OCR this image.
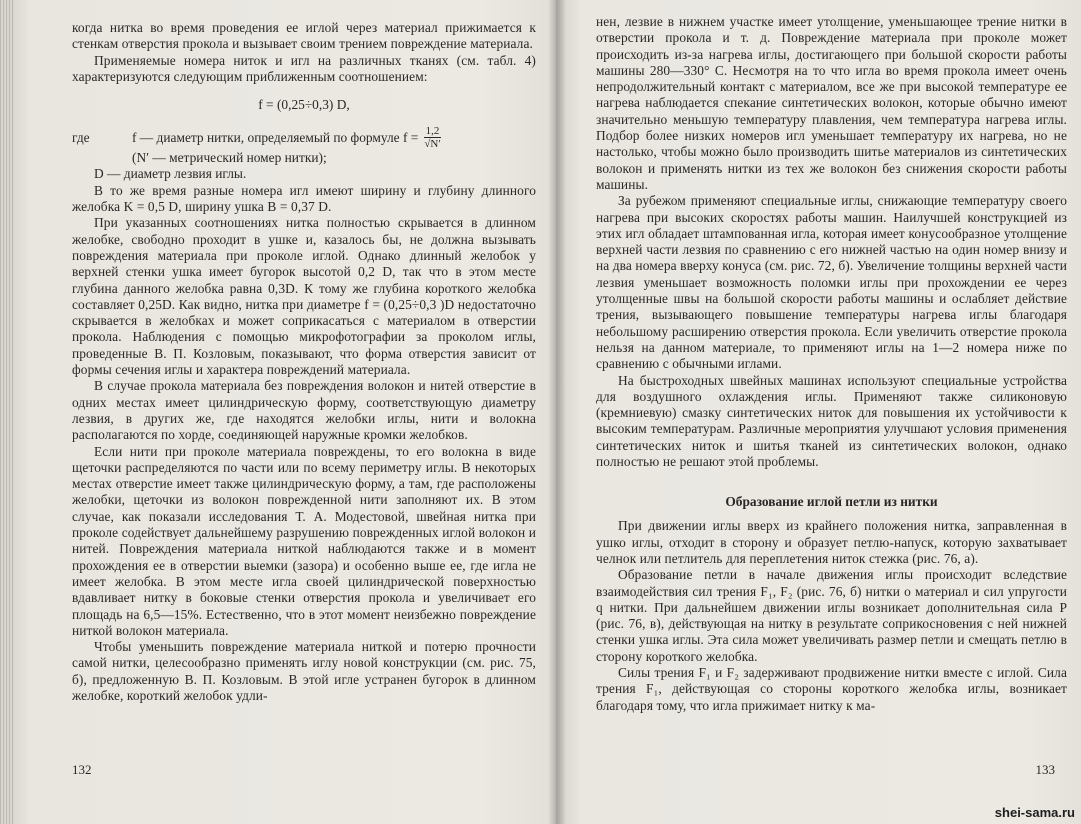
когда нитка во время проведения ее иглой через материал прижимается к стенкам отверстия прокола и вызывает своим трением повреждение материала.

Применяемые номера ниток и игл на различных тканях (см. табл. 4) характеризуются следующим приближенным соотношением:

f = (0,25÷0,3) D,

где	f — диаметр нитки, определяемый по формуле $f = \frac{1,2}{√N'}$
(N′ — метрический номер нитки);
D — диаметр лезвия иглы.

В то же время разные номера игл имеют ширину и глубину длинного желобка K = 0,5 D, ширину ушка B = 0,37 D.

При указанных соотношениях нитка полностью скрывается в длинном желобке, свободно проходит в ушке и, казалось бы, не должна вызывать повреждения материала при проколе иглой. Однако длинный желобок у верхней стенки ушка имеет бугорок высотой 0,2 D, так что в этом месте глубина данного желобка равна 0,3D. К тому же глубина короткого желобка составляет 0,25D. Как видно, нитка при диаметре f = (0,25÷0,3 )D недостаточно скрывается в желобках и может соприкасаться с материалом в отверстии прокола. Наблюдения с помощью микрофотографии за проколом иглы, проведенные В. П. Козловым, показывают, что форма отверстия зависит от формы сечения иглы и характера повреждений материала.

В случае прокола материала без повреждения волокон и нитей отверстие в одних местах имеет цилиндрическую форму, соответствующую диаметру лезвия, в других же, где находятся желобки иглы, нити и волокна располагаются по хорде, соединяющей наружные кромки желобков.

Если нити при проколе материала повреждены, то его волокна в виде щеточки распределяются по части или по всему периметру иглы. В некоторых местах отверстие имеет также цилиндрическую форму, а там, где расположены желобки, щеточки из волокон поврежденной нити заполняют их. В этом случае, как показали исследования Т. А. Модестовой, швейная нитка при проколе содействует дальнейшему разрушению поврежденных иглой волокон и нитей. Повреждения материала ниткой наблюдаются также и в момент прохождения ее в отверстии выемки (зазора) и особенно выше ее, где игла не имеет желобка. В этом месте игла своей цилиндрической поверхностью вдавливает нитку в боковые стенки отверстия прокола и увеличивает его площадь на 6,5—15%. Естественно, что в этот момент неизбежно повреждение ниткой волокон материала.

Чтобы уменьшить повреждение материала ниткой и потерю прочности самой нитки, целесообразно применять иглу новой конструкции (см. рис. 75, б), предложенную В. П. Козловым. В этой игле устранен бугорок в длинном желобке, короткий желобок удли-

132

нен, лезвие в нижнем участке имеет утолщение, уменьшающее трение нитки в отверстии прокола и т. д. Повреждение материала при проколе может происходить из-за нагрева иглы, достигающего при большой скорости работы машины 280—330° С. Несмотря на то что игла во время прокола имеет очень непродолжительный контакт с материалом, все же при высокой температуре ее нагрева наблюдается спекание синтетических волокон, которые обычно имеют значительно меньшую температуру плавления, чем температура нагрева иглы. Подбор более низких номеров игл уменьшает температуру их нагрева, но не настолько, чтобы можно было производить шитье материалов из синтетических волокон и применять нитки из тех же волокон без снижения скорости работы машины.

За рубежом применяют специальные иглы, снижающие температуру своего нагрева при высоких скоростях работы машин. Наилучшей конструкцией из этих игл обладает штампованная игла, которая имеет конусообразное утолщение верхней части лезвия по сравнению с его нижней частью на один номер внизу и на два номера вверху конуса (см. рис. 72, б). Увеличение толщины верхней части лезвия уменьшает возможность поломки иглы при прохождении ее через утолщенные швы на большой скорости работы машины и ослабляет действие трения, вызывающего повышение температуры нагрева иглы благодаря небольшому расширению отверстия прокола. Если увеличить отверстие прокола нельзя на данном материале, то применяют иглы на 1—2 номера ниже по сравнению с обычными иглами.

На быстроходных швейных машинах используют специальные устройства для воздушного охлаждения иглы. Применяют также силиконовую (кремниевую) смазку синтетических ниток для повышения их устойчивости к высоким температурам. Различные мероприятия улучшают условия применения синтетических ниток и шитья тканей из синтетических волокон, однако полностью не решают этой проблемы.

Образование иглой петли из нитки

При движении иглы вверх из крайнего положения нитка, заправленная в ушко иглы, отходит в сторону и образует петлю-напуск, которую захватывает челнок или петлитель для переплетения ниток стежка (рис. 76, а).

Образование петли в начале движения иглы происходит вследствие взаимодействия сил трения F₁, F₂ (рис. 76, б) нитки о материал и сил упругости q нитки. При дальнейшем движении иглы возникает дополнительная сила P (рис. 76, в), действующая на нитку в результате соприкосновения с ней нижней стенки ушка иглы. Эта сила может увеличивать размер петли и смещать петлю в сторону короткого желобка.

Силы трения F₁ и F₂ задерживают продвижение нитки вместе с иглой. Сила трения F₁, действующая со стороны короткого желобка иглы, возникает благодаря тому, что игла прижимает нитку к ма-

133
shei-sama.ru
